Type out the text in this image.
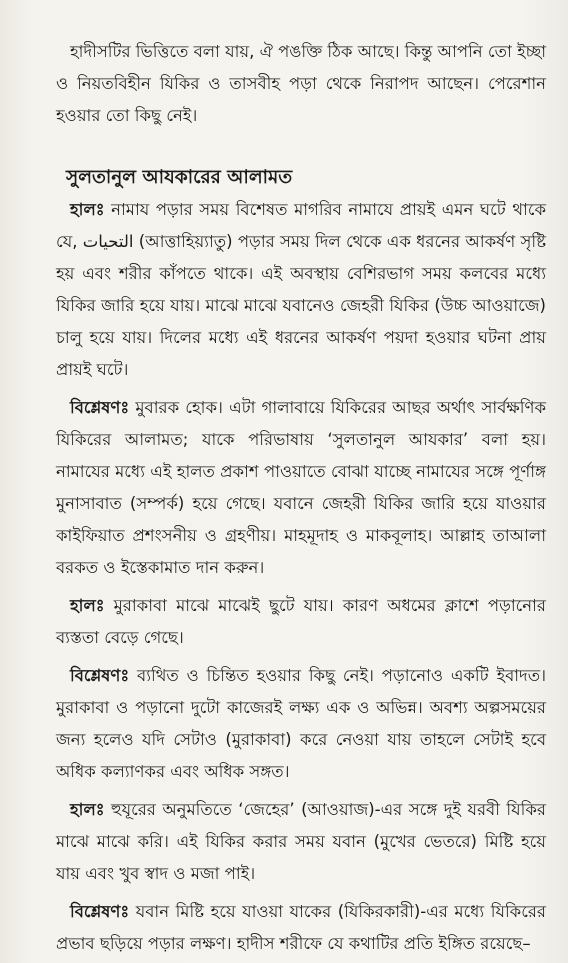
হাদীসটির ভিত্তিতে বলা যায়, ঐ পঙক্তি ঠিক আছে। কিন্তু আপনি তো ইচ্ছা ও নিয়তবিহীন যিকির ও তাসবীহ পড়া থেকে নিরাপদ আছেন। পেরেশান হওয়ার তো কিছু নেই।

সুলতানুল আযকারের আলামত

হালঃ নামায পড়ার সময় বিশেষত মাগরিব নামাযে প্রায়ই এমন ঘটে থাকে যে, التحيات (আত্তাহিয়্যাতু) পড়ার সময় দিল থেকে এক ধরনের আকর্ষণ সৃষ্টি হয় এবং শরীর কাঁপতে থাকে। এই অবস্থায় বেশিরভাগ সময় কলবের মধ্যে যিকির জারি হয়ে যায়। মাঝে মাঝে যবানেও জেহরী যিকির (উচ্চ আওয়াজে) চালু হয়ে যায়। দিলের মধ্যে এই ধরনের আকর্ষণ পয়দা হওয়ার ঘটনা প্রায় প্রায়ই ঘটে।

বিশ্লেষণঃ মুবারক হোক। এটা গালাবায়ে যিকিরের আছর অর্থাৎ সার্বক্ষণিক যিকিরের আলামত; যাকে পরিভাষায় ‘সুলতানুল আযকার’ বলা হয়। নামাযের মধ্যে এই হালত প্রকাশ পাওয়াতে বোঝা যাচ্ছে নামাযের সঙ্গে পূর্ণাঙ্গ মুনাসাবাত (সম্পর্ক) হয়ে গেছে। যবানে জেহরী যিকির জারি হয়ে যাওয়ার কাইফিয়াত প্রশংসনীয় ও গ্রহণীয়। মাহমূদাহ ও মাকবূলাহ। আল্লাহ তাআলা বরকত ও ইস্তেকামাত দান করুন।

হালঃ মুরাকাবা মাঝে মাঝেই ছুটে যায়। কারণ অধমের ক্লাশে পড়ানোর ব্যস্ততা বেড়ে গেছে।

বিশ্লেষণঃ ব্যথিত ও চিন্তিত হওয়ার কিছু নেই। পড়ানোও একটি ইবাদত। মুরাকাবা ও পড়ানো দুটো কাজেরই লক্ষ্য এক ও অভিন্ন। অবশ্য অল্পসময়ের জন্য হলেও যদি সেটাও (মুরাকাবা) করে নেওয়া যায় তাহলে সেটাই হবে অধিক কল্যাণকর এবং অধিক সঙ্গত।

হালঃ হুযূরের অনুমতিতে ‘জেহের’ (আওয়াজ)-এর সঙ্গে দুই যরবী যিকির মাঝে মাঝে করি। এই যিকির করার সময় যবান (মুখের ভেতরে) মিষ্টি হয়ে যায় এবং খুব স্বাদ ও মজা পাই।

বিশ্লেষণঃ যবান মিষ্টি হয়ে যাওয়া যাকের (যিকিরকারী)-এর মধ্যে যিকিরের প্রভাব ছড়িয়ে পড়ার লক্ষণ। হাদীস শরীফে যে কথাটির প্রতি ইঙ্গিত রয়েছে–
